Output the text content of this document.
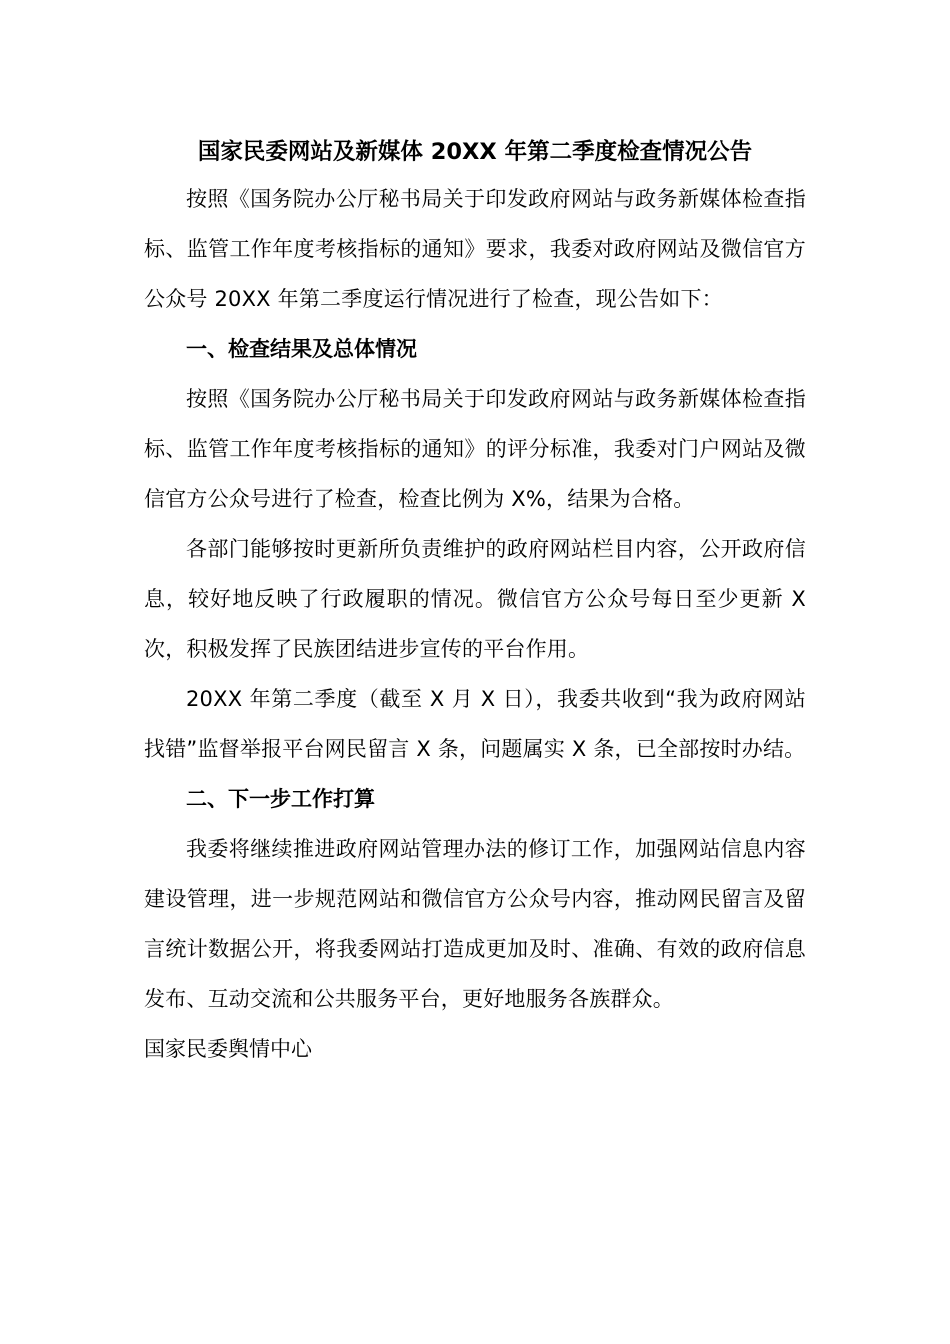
国家民委网站及新媒体 20XX 年第二季度检查情况公告

按照《国务院办公厅秘书局关于印发政府网站与政务新媒体检查指标、监管工作年度考核指标的通知》要求，我委对政府网站及微信官方公众号 20XX 年第二季度运行情况进行了检查，现公告如下：

一、检查结果及总体情况

按照《国务院办公厅秘书局关于印发政府网站与政务新媒体检查指标、监管工作年度考核指标的通知》的评分标准，我委对门户网站及微信官方公众号进行了检查，检查比例为 X%，结果为合格。

各部门能够按时更新所负责维护的政府网站栏目内容，公开政府信息，较好地反映了行政履职的情况。微信官方公众号每日至少更新 X 次，积极发挥了民族团结进步宣传的平台作用。

20XX 年第二季度（截至 X 月 X 日），我委共收到“我为政府网站找错”监督举报平台网民留言 X 条，问题属实 X 条，已全部按时办结。

二、下一步工作打算

我委将继续推进政府网站管理办法的修订工作，加强网站信息内容建设管理，进一步规范网站和微信官方公众号内容，推动网民留言及留言统计数据公开，将我委网站打造成更加及时、准确、有效的政府信息发布、互动交流和公共服务平台，更好地服务各族群众。

国家民委舆情中心
